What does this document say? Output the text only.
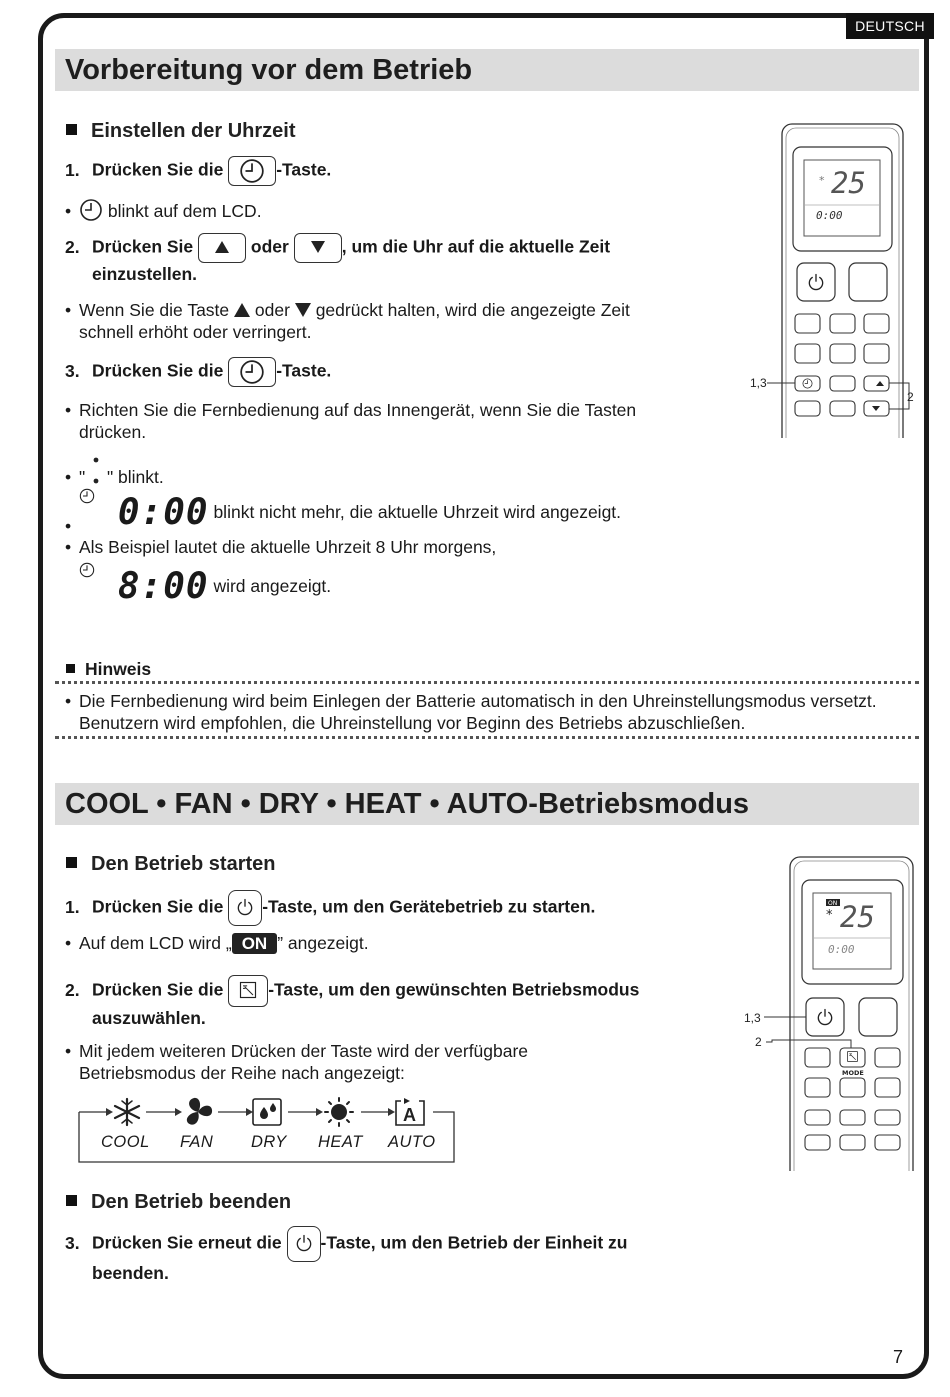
DEUTSCH
Vorbereitung vor dem Betrieb
Einstellen der Uhrzeit
1. Drücken Sie die	-Taste.
• blinkt auf dem LCD.
2. Drücken Sie	oder	, um die Uhr auf die aktuelle Zeit
einzustellen.
• Wenn Sie die Taste oder gedrückt halten, wird die angezeigte Zeit
schnell erhöht oder verringert.
3. Drücken Sie die	-Taste.
• Richten Sie die Fernbedienung auf das Innengerät, wenn Sie die Tasten
drücken.
• " " blinkt.
• 0:00 blinkt nicht mehr, die aktuelle Uhrzeit wird angezeigt.
• Als Beispiel lautet die aktuelle Uhrzeit 8 Uhr morgens,
8:00 wird angezeigt.
Hinweis
• Die Fernbedienung wird beim Einlegen der Batterie automatisch in den Uhreinstellungsmodus versetzt.
Benutzern wird empfohlen, die Uhreinstellung vor Beginn des Betriebs abzuschließen.
* 25
0:00
1,3
2
COOL • FAN • DRY • HEAT • AUTO-Betriebsmodus
Den Betrieb starten
1. Drücken Sie die -Taste, um den Gerätebetrieb zu starten.
• Auf dem LCD wird „ ON ” angezeigt.
2. Drücken Sie die	-Taste, um den gewünschten Betriebsmodus
auszuwählen.
• Mit jedem weiteren Drücken der Taste wird der verfügbare
Betriebsmodus der Reihe nach angezeigt:
A
COOL FAN DRY HEAT AUTO
Den Betrieb beenden
3. Drücken Sie erneut die -Taste, um den Betrieb der Einheit zu
beenden.
ON
* 25
0:00
MODE
1,3
2
7
